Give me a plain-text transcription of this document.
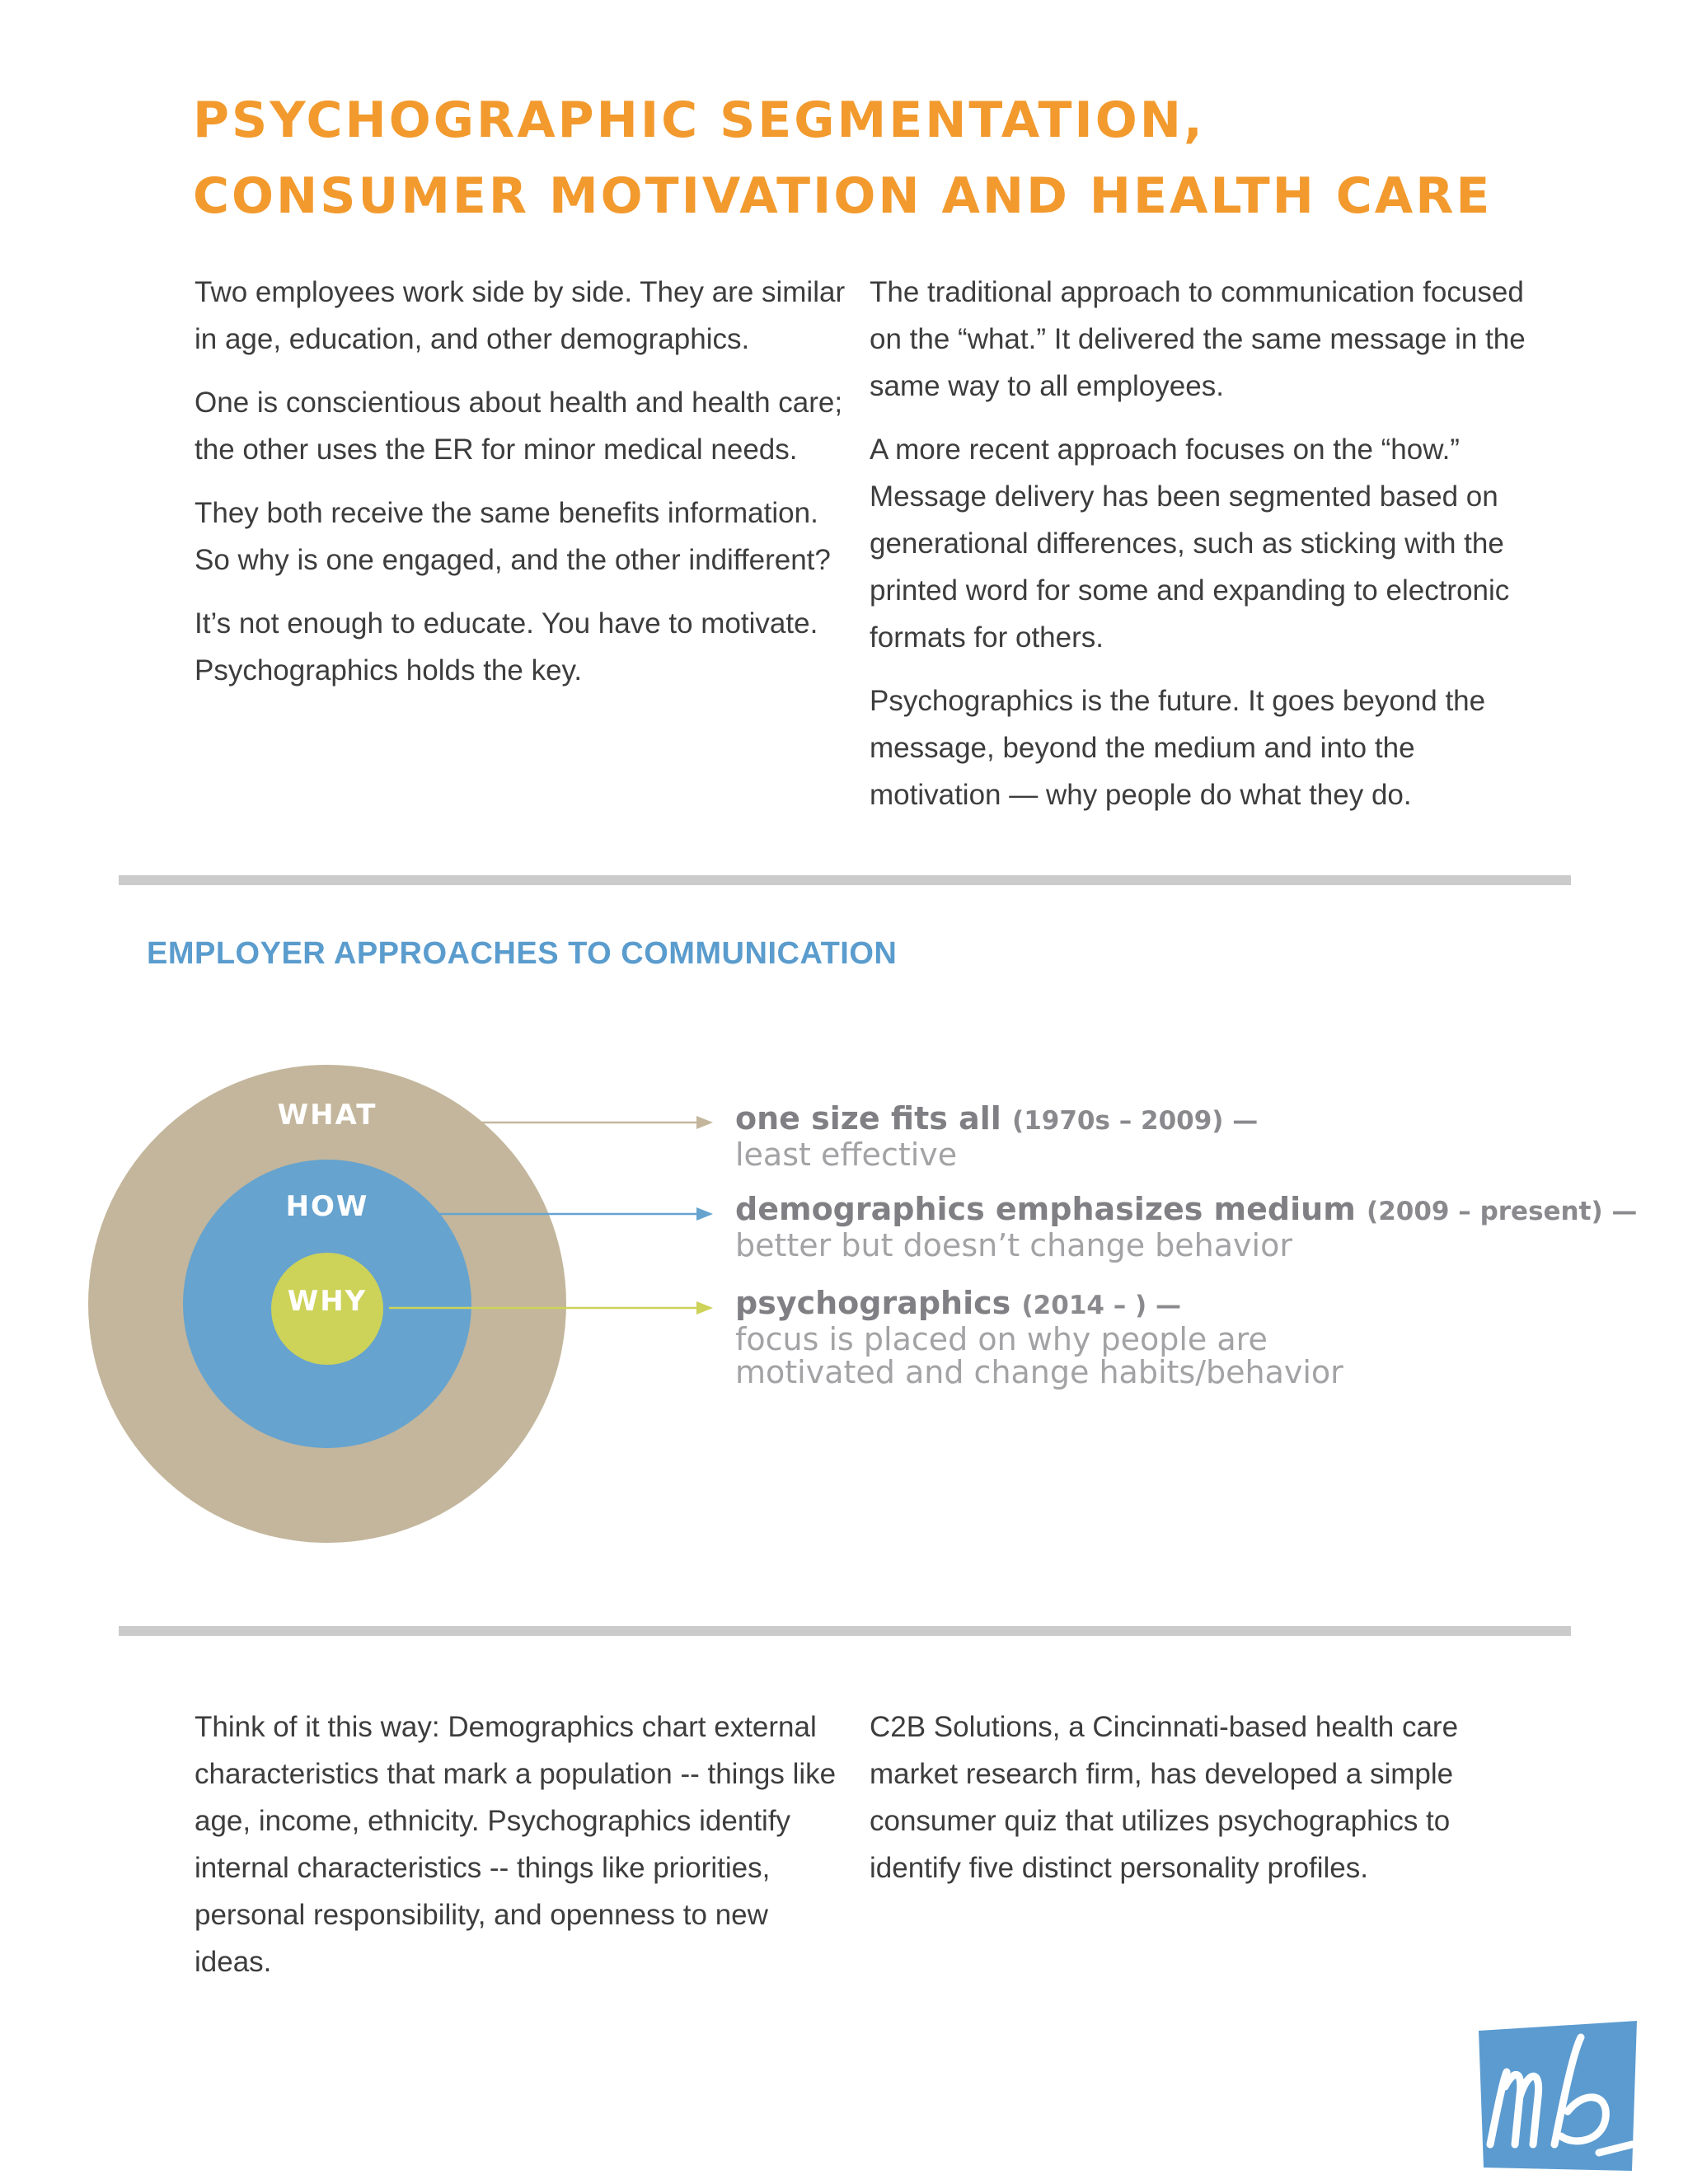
PSYCHOGRAPHIC SEGMENTATION,
CONSUMER MOTIVATION AND HEALTH CARE

Two employees work side by side. They are similar in age, education, and other demographics.

One is conscientious about health and health care; the other uses the ER for minor medical needs.

They both receive the same benefits information. So why is one engaged, and the other indifferent?

It’s not enough to educate. You have to motivate. Psychographics holds the key.

The traditional approach to communication focused on the “what.” It delivered the same message in the same way to all employees.

A more recent approach focuses on the “how.” Message delivery has been segmented based on generational differences, such as sticking with the printed word for some and expanding to electronic formats for others.

Psychographics is the future. It goes beyond the message, beyond the medium and into the motivation — why people do what they do.

EMPLOYER APPROACHES TO COMMUNICATION
WHAT
HOW
WHY
one size fits all (1970s – 2009) —
least effective
demographics emphasizes medium (2009 – present) —
better but doesn’t change behavior
psychographics (2014 – ) —
focus is placed on why people are
motivated and change habits/behavior

Think of it this way: Demographics chart external characteristics that mark a population -- things like age, income, ethnicity. Psychographics identify internal characteristics -- things like priorities, personal responsibility, and openness to new ideas.

C2B Solutions, a Cincinnati-based health care market research firm, has developed a simple consumer quiz that utilizes psychographics to identify five distinct personality profiles.
